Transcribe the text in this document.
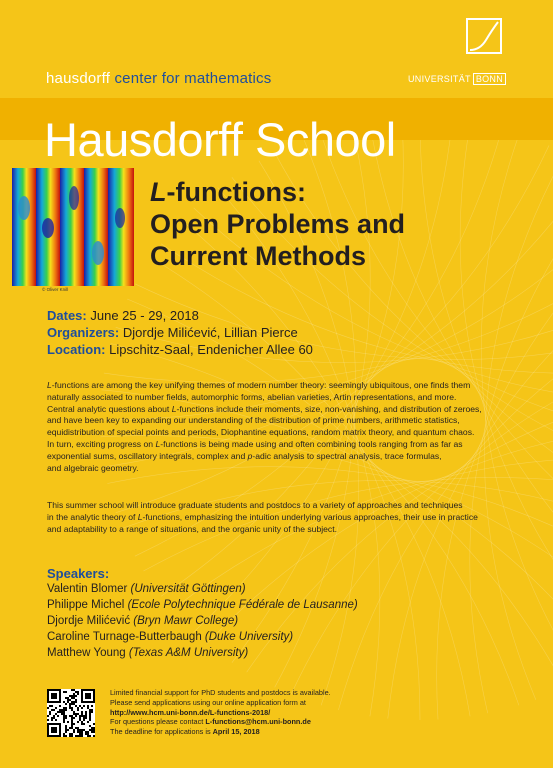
hausdorff center for mathematics	UNIVERSITÄT BONN
Hausdorff School
© Oliver Knill
L-functions:
Open Problems and
Current Methods
Dates: June 25 - 29, 2018
Organizers: Djordje Milićević, Lillian Pierce
Location: Lipschitz-Saal, Endenicher Allee 60

L-functions are among the key unifying themes of modern number theory: seemingly ubiquitous, one finds them
naturally associated to number fields, automorphic forms, abelian varieties, Artin representations, and more.
Central analytic questions about L-functions include their moments, size, non-vanishing, and distribution of zeroes,
and have been key to expanding our understanding of the distribution of prime numbers, arithmetic statistics,
equidistribution of special points and periods, Diophantine equations, random matrix theory, and quantum chaos.
In turn, exciting progress on L-functions is being made using and often combining tools ranging from as far as
exponential sums, oscillatory integrals, complex and p-adic analysis to spectral analysis, trace formulas,
and algebraic geometry.

This summer school will introduce graduate students and postdocs to a variety of approaches and techniques
in the analytic theory of L-functions, emphasizing the intuition underlying various approaches, their use in practice
and adaptability to a range of situations, and the organic unity of the subject.

Speakers:
Valentin Blomer (Universität Göttingen)
Philippe Michel (Ecole Polytechnique Fédérale de Lausanne)
Djordje Milićević (Bryn Mawr College)
Caroline Turnage-Butterbaugh (Duke University)
Matthew Young (Texas A&M University)
Limited financial support for PhD students and postdocs is available.
Please send applications using our online application form at
http://www.hcm.uni-bonn.de/L-functions-2018/
For questions please contact L-functions@hcm.uni-bonn.de
The deadline for applications is April 15, 2018
